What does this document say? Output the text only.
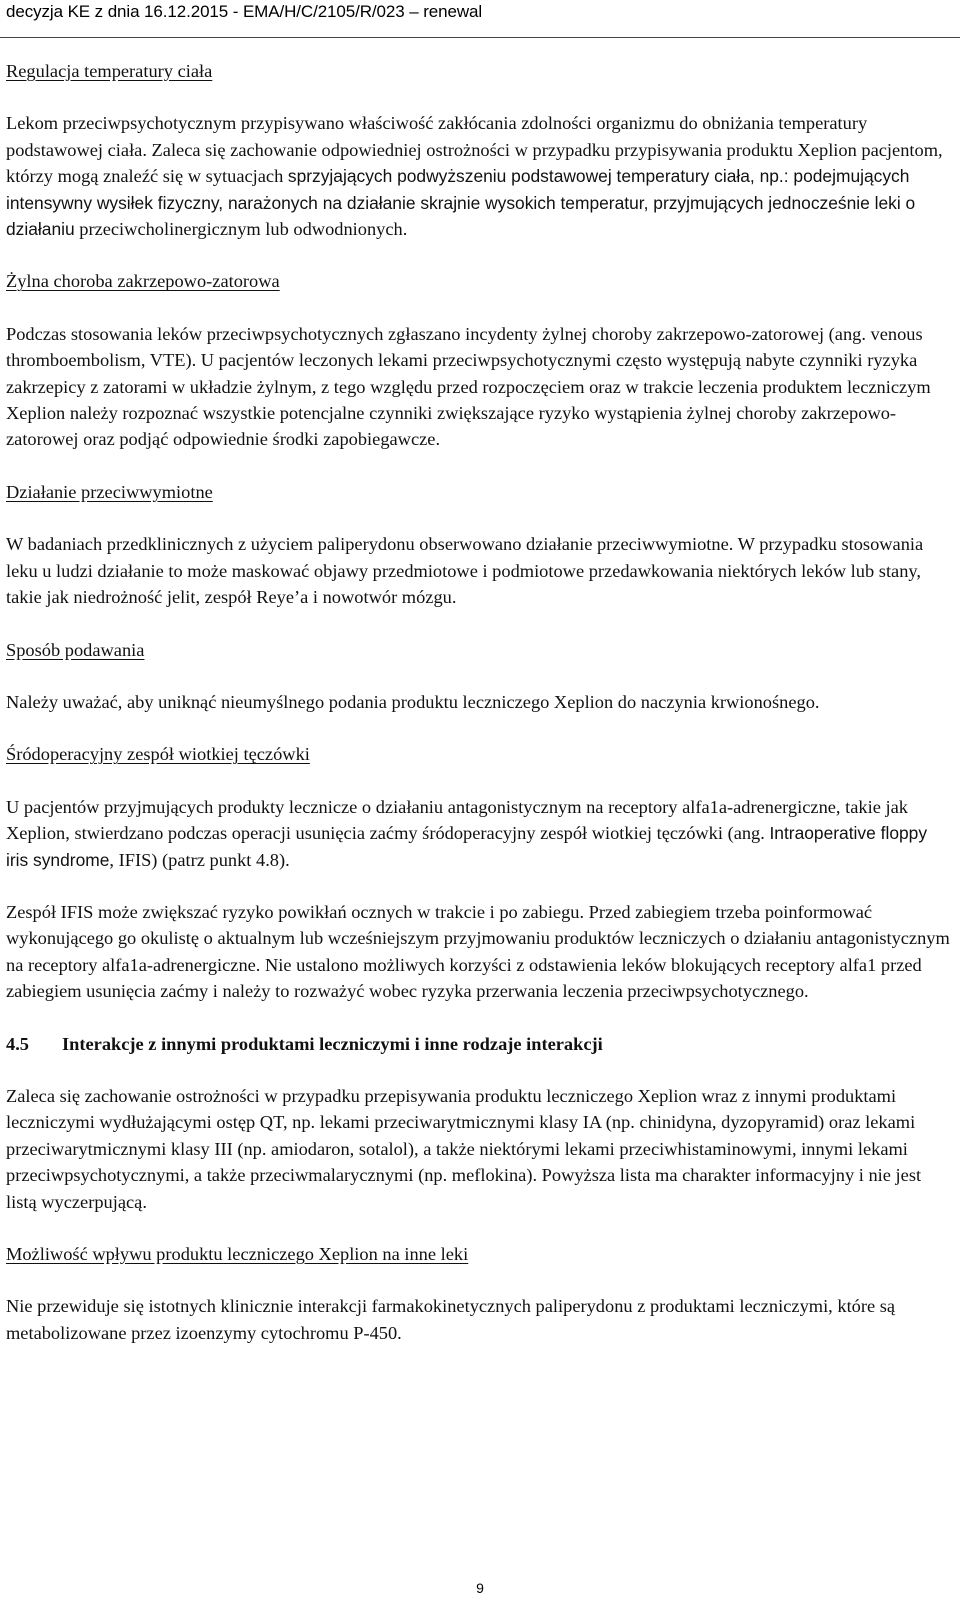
decyzja KE z dnia 16.12.2015 - EMA/H/C/2105/R/023 – renewal

Regulacja temperatury ciała

Lekom przeciwpsychotycznym przypisywano właściwość zakłócania zdolności organizmu do obniżania temperatury podstawowej ciała. Zaleca się zachowanie odpowiedniej ostrożności w przypadku przypisywania produktu Xeplion pacjentom, którzy mogą znaleźć się w sytuacjach sprzyjających podwyższeniu podstawowej temperatury ciała, np.: podejmujących intensywny wysiłek fizyczny, narażonych na działanie skrajnie wysokich temperatur, przyjmujących jednocześnie leki o działaniu przeciwcholinergicznym lub odwodnionych.

Żylna choroba zakrzepowo-zatorowa

Podczas stosowania leków przeciwpsychotycznych zgłaszano incydenty żylnej choroby zakrzepowo-zatorowej (ang. venous thromboembolism, VTE). U pacjentów leczonych lekami przeciwpsychotycznymi często występują nabyte czynniki ryzyka zakrzepicy z zatorami w układzie żylnym, z tego względu przed rozpoczęciem oraz w trakcie leczenia produktem leczniczym Xeplion należy rozpoznać wszystkie potencjalne czynniki zwiększające ryzyko wystąpienia żylnej choroby zakrzepowo-zatorowej oraz podjąć odpowiednie środki zapobiegawcze.

Działanie przeciwwymiotne

W badaniach przedklinicznych z użyciem paliperydonu obserwowano działanie przeciwwymiotne. W przypadku stosowania leku u ludzi działanie to może maskować objawy przedmiotowe i podmiotowe przedawkowania niektórych leków lub stany, takie jak niedrożność jelit, zespół Reye’a i nowotwór mózgu.

Sposób podawania

Należy uważać, aby uniknąć nieumyślnego podania produktu leczniczego Xeplion do naczynia krwionośnego.

Śródoperacyjny zespół wiotkiej tęczówki

U pacjentów przyjmujących produkty lecznicze o działaniu antagonistycznym na receptory alfa1a-adrenergiczne, takie jak Xeplion, stwierdzano podczas operacji usunięcia zaćmy śródoperacyjny zespół wiotkiej tęczówki (ang. Intraoperative floppy iris syndrome, IFIS) (patrz punkt 4.8).

Zespół IFIS może zwiększać ryzyko powikłań ocznych w trakcie i po zabiegu. Przed zabiegiem trzeba poinformować wykonującego go okulistę o aktualnym lub wcześniejszym przyjmowaniu produktów leczniczych o działaniu antagonistycznym na receptory alfa1a-adrenergiczne. Nie ustalono możliwych korzyści z odstawienia leków blokujących receptory alfa1 przed zabiegiem usunięcia zaćmy i należy to rozważyć wobec ryzyka przerwania leczenia przeciwpsychotycznego.

4.5 Interakcje z innymi produktami leczniczymi i inne rodzaje interakcji

Zaleca się zachowanie ostrożności w przypadku przepisywania produktu leczniczego Xeplion wraz z innymi produktami leczniczymi wydłużającymi ostęp QT, np. lekami przeciwarytmicznymi klasy IA (np. chinidyna, dyzopyramid) oraz lekami przeciwarytmicznymi klasy III (np. amiodaron, sotalol), a także niektórymi lekami przeciwhistaminowymi, innymi lekami przeciwpsychotycznymi, a także przeciwmalarycznymi (np. meflokina). Powyższa lista ma charakter informacyjny i nie jest listą wyczerpującą.

Możliwość wpływu produktu leczniczego Xeplion na inne leki

Nie przewiduje się istotnych klinicznie interakcji farmakokinetycznych paliperydonu z produktami leczniczymi, które są metabolizowane przez izoenzymy cytochromu P-450.

9
